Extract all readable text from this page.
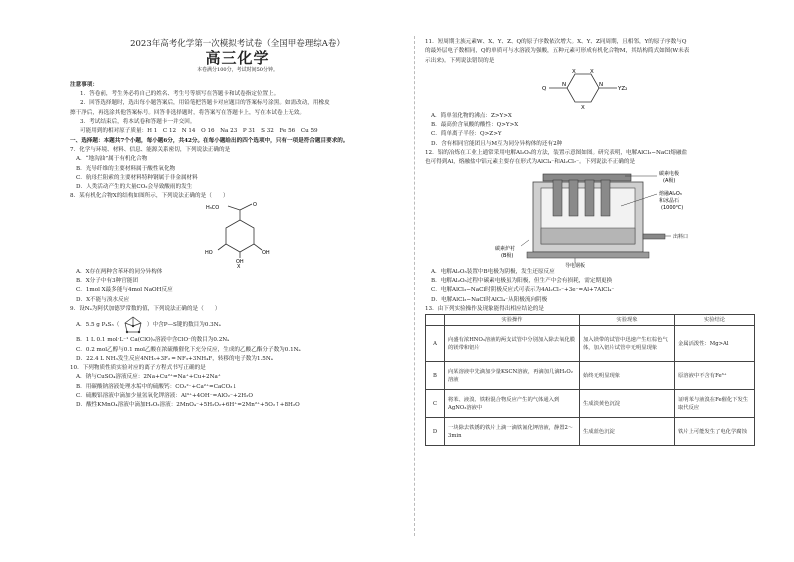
2023年高考化学第一次模拟考试卷（全国甲卷理综A卷）
高三化学
本卷满分100分，考试时间50分钟。
注意事项：
1．答卷前，考生务必将自己的姓名、考生号等填写在答题卡和试卷指定位置上。
2．回答选择题时，选出每小题答案后，用铅笔把答题卡对应题目的答案标号涂黑。如需改动，用橡皮
擦干净后，再选涂其他答案标号。回答非选择题时，将答案写在答题卡上，写在本试卷上无效。
3．考试结束后，将本试卷和答题卡一并交回。
可能用到的相对原子质量：H 1　C 12　N 14　O 16　Na 23　P 31　S 32　Fe 56　Cu 59
一、选择题：本题共7个小题，每小题6分，共42分。在每小题给出的四个选项中，只有一项是符合题目要求的。
7．化学与环境、材料、信息、能源关系密切，下列说法正确的是
A．“地沟油”属于有机化合物
B．光导纤维的主要材料属于酸性氧化物
C．航母拦阻索的主要材料特种钢属于非金属材料
D．人类活动产生的大量CO₂会导致酸雨的发生
8．某有机化合物X的结构如图所示，下列说法正确的是（　　）
H₃CO	O
HO	OH
OH
X
A．X存在两种含苯环的同分异构体
B．X分子中有3种官能团
C．1mol X最多能与4mol NaOH反应
D．X不能与溴水反应
9．设Nₐ为阿伏加德罗常数的值，下列说法正确的是（　　）
A．5.5 g P₄S₃（	）中含P—S键的数目为0.3Nₐ
B．1 L 0.1 mol·L⁻¹ Ca(ClO)₂溶液中含ClO⁻的数目为0.2Nₐ
C．0.2 mol乙醇与0.1 mol乙酸在浓硫酸催化下充分反应，生成的乙酸乙酯分子数为0.1Nₐ
D．22.4 L NH₃发生反应4NH₃+3F₂ ═ NF₃+3NH₄F，转移的电子数为1.5Nₐ
10．下列物质性质实验对应的离子方程式书写正确的是
A．钠与CuSO₄溶液反应：2Na+Cu²⁺=Na⁺+Cu+2Na⁺
B．用碳酸钠溶液处理水垢中的硫酸钙：CO₃²⁻+Ca²⁺=CaCO₃↓
C．硫酸铝溶液中滴加少量氢氧化钾溶液：Al³⁺+4OH⁻=AlO₂⁻+2H₂O
D．酸性KMnO₄溶液中滴加H₂O₂溶液：2MnO₄⁻+5H₂O₂+6H⁺=2Mn²⁺+5O₂↑+8H₂O
11．短周期主族元素W、X、Y、Z、Q的原子序数依次增大。X、Y、Z同周期，且相邻，Y的原子序数与Q
的最外层电子数相同，Q的单质可与水溶液为强酸，五种元素可形成有机化合物M，其结构简式如图(W未表
示出来)。下列说法错误的是
X	X
X
N	N
Q	YZ₂
A．简单氢化物的沸点：Z>Y>X
B．最高价含氧酸的酸性：Q>Y>X
C．简单离子半径：Q>Z>Y
D．含有相同官能团且与M互为同分异构体的还有2种
12．铝的冶炼在工业上通常采用电解Al₂O₃的方法，装置示意图如图。研究表明，电解AlCl₃−NaCl熔融盐
也可得到Al，熔融盐中铝元素主要存在形式为AlCl₄⁻和Al₂Cl₇⁻。下列说法不正确的是
碳素电极
(A极)
熔融Al₂O₃
和冰晶石
(1000℃)
出料口
碳素炉衬
(B极)
导电钢板
A．电解Al₂O₃装置中B电极为阴极，发生还原反应
B．电解Al₂O₃过程中碳素电极虽为阳极，但生产中会有损耗，需定期更换
C．电解AlCl₃−NaCl时阴极反应式可表示为4Al₂Cl₇⁻+3e⁻=Al+7AlCl₄⁻
D．电解AlCl₃−NaCl时AlCl₄⁻从阳极流向阴极
13．由下列实验操作及现象能得出相应结论的是
	实验操作	实验现象	实验结论
A	向盛有浓HNO₃溶液的两支试管中分别加入除去氧化膜的镁带和铝片	加入镁带的试管中迅速产生红棕色气体，加入铝片试管中无明显现象	金属活泼性：Mg>Al
B	向某溶液中先滴加少量KSCN溶液，再滴加几滴H₂O₂溶液	始终无明显现象	原溶液中不含有Fe³⁺
C	将苯、液溴、铁粉混合物反应产生的气体通入到AgNO₃溶液中	生成淡黄色沉淀	证明苯与液溴在Fe催化下发生取代反应
D	一块除去铁锈的铁片上滴一滴铁氰化钾溶液，静置2～3min	生成蓝色沉淀	铁片上可能发生了电化学腐蚀
